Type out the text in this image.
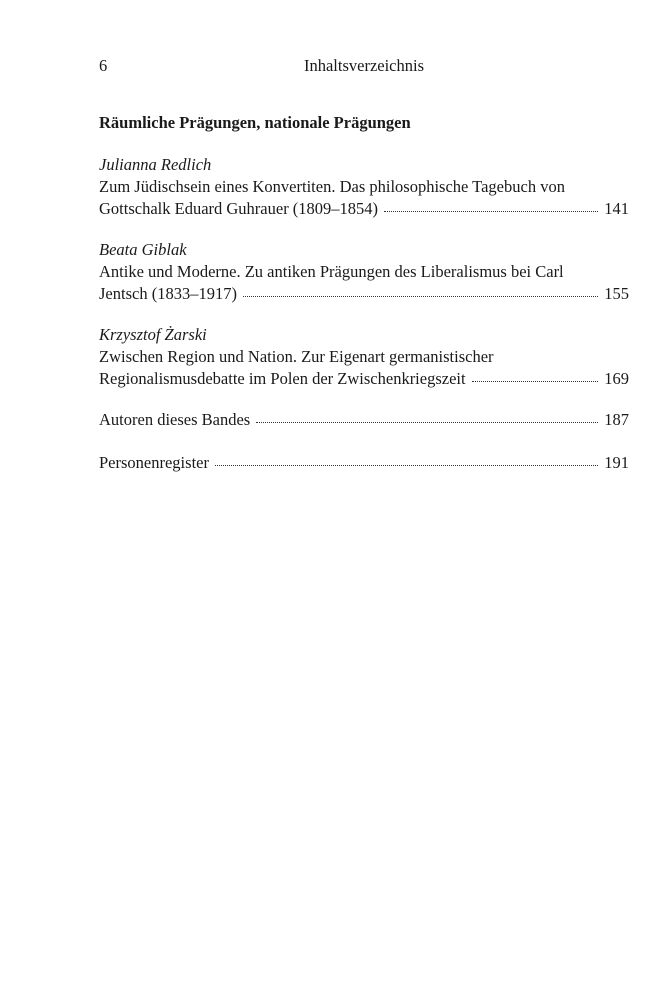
6	Inhaltsverzeichnis
Räumliche Prägungen, nationale Prägungen
Julianna Redlich
Zum Jüdischsein eines Konvertiten. Das philosophische Tagebuch von
Gottschalk Eduard Guhrauer (1809–1854)	141
Beata Giblak
Antike und Moderne. Zu antiken Prägungen des Liberalismus bei Carl
Jentsch (1833–1917)	155
Krzysztof Żarski
Zwischen Region und Nation. Zur Eigenart germanistischer
Regionalismusdebatte im Polen der Zwischenkriegszeit	169
Autoren dieses Bandes	187
Personenregister	191
